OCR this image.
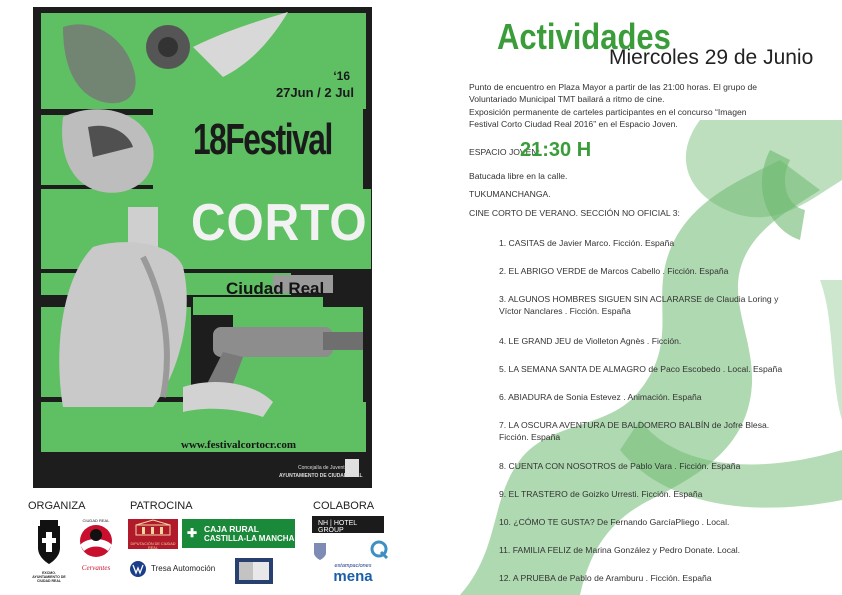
‘16
27Jun / 2 Jul
18Festival
CORTO
Ciudad Real
www.festivalcortocr.com
Concejalía de Juventud
AYUNTAMIENTO DE CIUDAD REAL
ORGANIZA	PATROCINA	COLABORA
EXCMO. AYUNTAMIENTO DE CIUDAD REAL
CIUDAD REAL
Cervantes
DIPUTACIÓN DE CIUDAD REAL
✚ CAJA RURAL
CASTILLA-LA MANCHA
Tresa Automoción
NH | HOTEL GROUP
estampaciones
mena
Actividades
Miercoles 29 de Junio
Punto de encuentro en Plaza Mayor a partir de las 21:00 horas. El grupo de
Voluntariado Municipal TMT bailará a ritmo de cine.
Exposición permanente de carteles participantes en el concurso “Imagen
Festival Corto Ciudad Real 2016” en el Espacio Joven.
ESPACIO JOVEN:
21:30 H
Batucada libre en la calle.
TUKUMANCHANGA.
CINE CORTO DE VERANO. SECCIÓN NO OFICIAL 3:
1. CASITAS de Javier Marco. Ficción. España
2. EL ABRIGO VERDE de Marcos Cabello . Ficción. España
3. ALGUNOS HOMBRES SIGUEN SIN ACLARARSE de Claudia Loring y
Víctor Nanclares . Ficción. España
4. LE GRAND JEU de Violleton Agnès . Ficción.
5. LA SEMANA SANTA DE ALMAGRO de Paco Escobedo . Local. España
6. ABIADURA de Sonia Estevez . Animación. España
7. LA OSCURA AVENTURA DE BALDOMERO BALBÍN de Jofre Blesa.
Ficción. España
8. CUENTA CON NOSOTROS de Pablo Vara . Ficción. España
9. EL TRASTERO de Goizko Urresti. Ficción. España
10. ¿CÓMO TE GUSTA? De Fernando GarcíaPliego . Local.
11. FAMILIA FELIZ de Marina González y Pedro Donate. Local.
12. A PRUEBA de Pablo de Aramburu . Ficción. España
